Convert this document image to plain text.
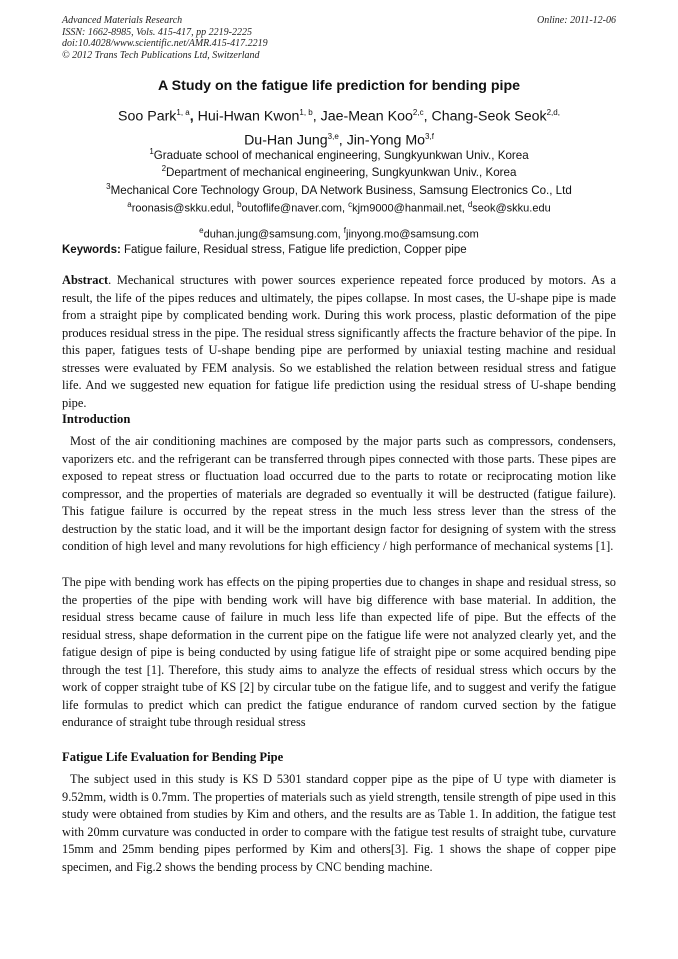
Advanced Materials Research
ISSN: 1662-8985, Vols. 415-417, pp 2219-2225
doi:10.4028/www.scientific.net/AMR.415-417.2219
© 2012 Trans Tech Publications Ltd, Switzerland
Online: 2011-12-06
A Study on the fatigue life prediction for bending pipe
Soo Park$^{1, a}$, Hui-Hwan Kwon$^{1, b}$, Jae-Mean Koo$^{2,c}$, Chang-Seok Seok$^{2,d,}$
Du-Han Jung$^{3,e}$, Jin-Yong Mo$^{3,f}$
$^1$Graduate school of mechanical engineering, Sungkyunkwan Univ., Korea
$^2$Department of mechanical engineering, Sungkyunkwan Univ., Korea
$^3$Mechanical Core Technology Group, DA Network Business, Samsung Electronics Co., Ltd
$^a$roonasis@skku.edul, $^b$outoflife@naver.com, $^c$kjm9000@hanmail.net, $^d$seok@skku.edu
$^e$duhan.jung@samsung.com, $^f$jinyong.mo@samsung.com
Keywords: Fatigue failure, Residual stress, Fatigue life prediction, Copper pipe
Abstract. Mechanical structures with power sources experience repeated force produced by motors. As a result, the life of the pipes reduces and ultimately, the pipes collapse. In most cases, the U-shape pipe is made from a straight pipe by complicated bending work. During this work process, plastic deformation of the pipe produces residual stress in the pipe. The residual stress significantly affects the fracture behavior of the pipe. In this paper, fatigues tests of U-shape bending pipe are performed by uniaxial testing machine and residual stresses were evaluated by FEM analysis. So we established the relation between residual stress and fatigue life. And we suggested new equation for fatigue life prediction using the residual stress of U-shape bending pipe.
Introduction
Most of the air conditioning machines are composed by the major parts such as compressors, condensers, vaporizers etc. and the refrigerant can be transferred through pipes connected with those parts. These pipes are exposed to repeat stress or fluctuation load occurred due to the parts to rotate or reciprocating motion like compressor, and the properties of materials are degraded so eventually it will be destructed (fatigue failure). This fatigue failure is occurred by the repeat stress in the much less stress lever than the stress of the destruction by the static load, and it will be the important design factor for designing of system with the stress condition of high level and many revolutions for high efficiency / high performance of mechanical systems [1].
The pipe with bending work has effects on the piping properties due to changes in shape and residual stress, so the properties of the pipe with bending work will have big difference with base material. In addition, the residual stress became cause of failure in much less life than expected life of pipe. But the effects of the residual stress, shape deformation in the current pipe on the fatigue life were not analyzed clearly yet, and the fatigue design of pipe is being conducted by using fatigue life of straight pipe or some acquired bending pipe through the test [1]. Therefore, this study aims to analyze the effects of residual stress which occurs by the work of copper straight tube of KS [2] by circular tube on the fatigue life, and to suggest and verify the fatigue life formulas to predict which can predict the fatigue endurance of random curved section by the fatigue endurance of straight tube through residual stress
Fatigue Life Evaluation for Bending Pipe
The subject used in this study is KS D 5301 standard copper pipe as the pipe of U type with diameter is 9.52mm, width is 0.7mm. The properties of materials such as yield strength, tensile strength of pipe used in this study were obtained from studies by Kim and others, and the results are as Table 1. In addition, the fatigue test with 20mm curvature was conducted in order to compare with the fatigue test results of straight tube, curvature 15mm and 25mm bending pipes performed by Kim and others[3]. Fig. 1 shows the shape of copper pipe specimen, and Fig.2 shows the bending process by CNC bending machine.
